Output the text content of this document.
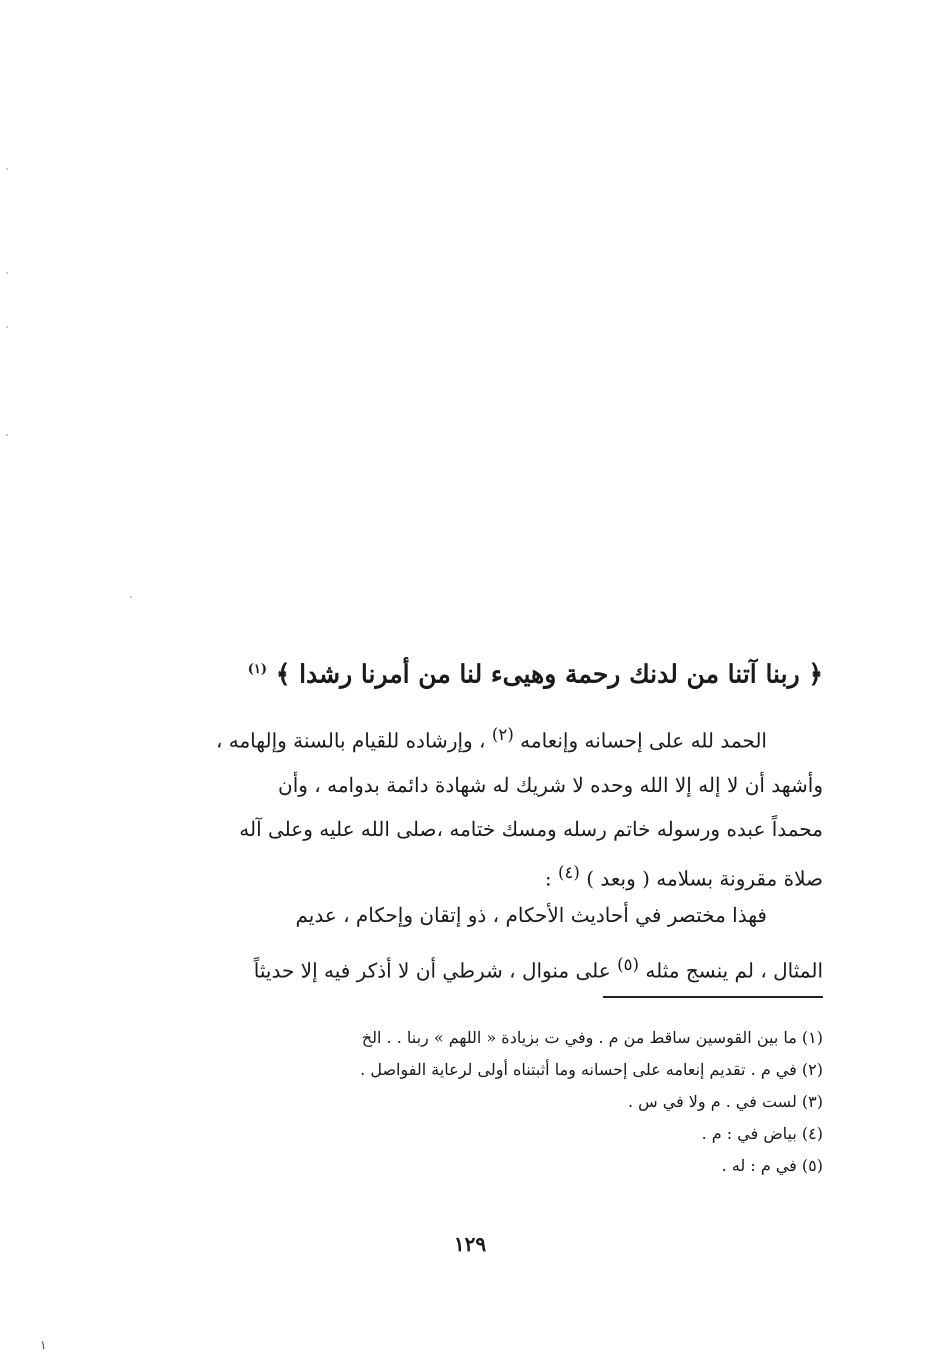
﴿ ربنا آتنا من لدنك رحمة وهيىء لنا من أمرنا رشدا ﴾ $^{(١)}$
الحمد لله على إحسانه وإنعامه $^{(٢)}$ ، وإرشاده للقيام بالسنة وإلهامه ،
وأشهد أن لا إله إلا الله وحده لا شريك له شهادة دائمة بدوامه ، وأن
محمداً عبده ورسوله خاتم رسله ومسك ختامه ،صلى الله عليه وعلى آله
صلاة مقرونة بسلامه ( وبعد ) $^{(٤)}$ :
فهذا مختصر في أحاديث الأحكام ، ذو إتقان وإحكام ، عديم
المثال ، لم ينسج مثله $^{(٥)}$ على منوال ، شرطي أن لا أذكر فيه إلا حديثاً
(١) ما بين القوسين ساقط من م . وفي ت بزيادة « اللهم » ربنا . . الخ
(٢) في م . تقديم إنعامه على إحسانه وما أثبتناه أولى لرعاية الفواصل .
(٣) لست في . م ولا في س .
(٤) بياض في : م .
(٥) في م : له .
١٢٩
١
